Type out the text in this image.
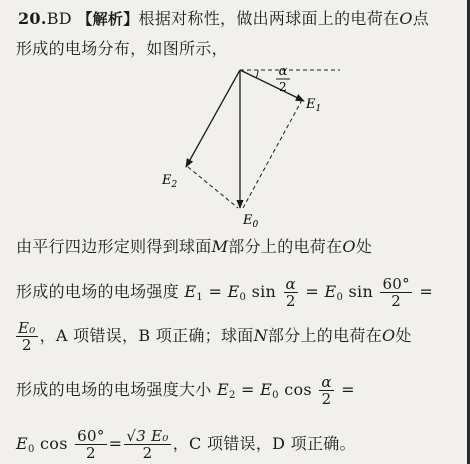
20.BD 【解析】根据对称性，做出两球面上的电荷在O点
形成的电场分布，如图所示，
α
2
$E_1$
$E_2$
$E_0$
由平行四边形定则得到球面M部分上的电荷在O处
形成的电场的电场强度 $E_1 = E_0$ $\sin \frac{\alpha}{2} = E_0$ $\sin \frac{60^\circ}{2}$ =
$\frac{\text{E₀}}{2}$ ，A 项错误，B 项正确；球面N部分上的电荷在O处
形成的电场的电场强度大小 $E_2 = E_0$ $\cos \frac{\alpha}{2}$ =
$E_0$ $\cos \frac{60^\circ}{2} = \frac{\text{√3 E₀}}{2}$ ，C 项错误，D 项正确。
